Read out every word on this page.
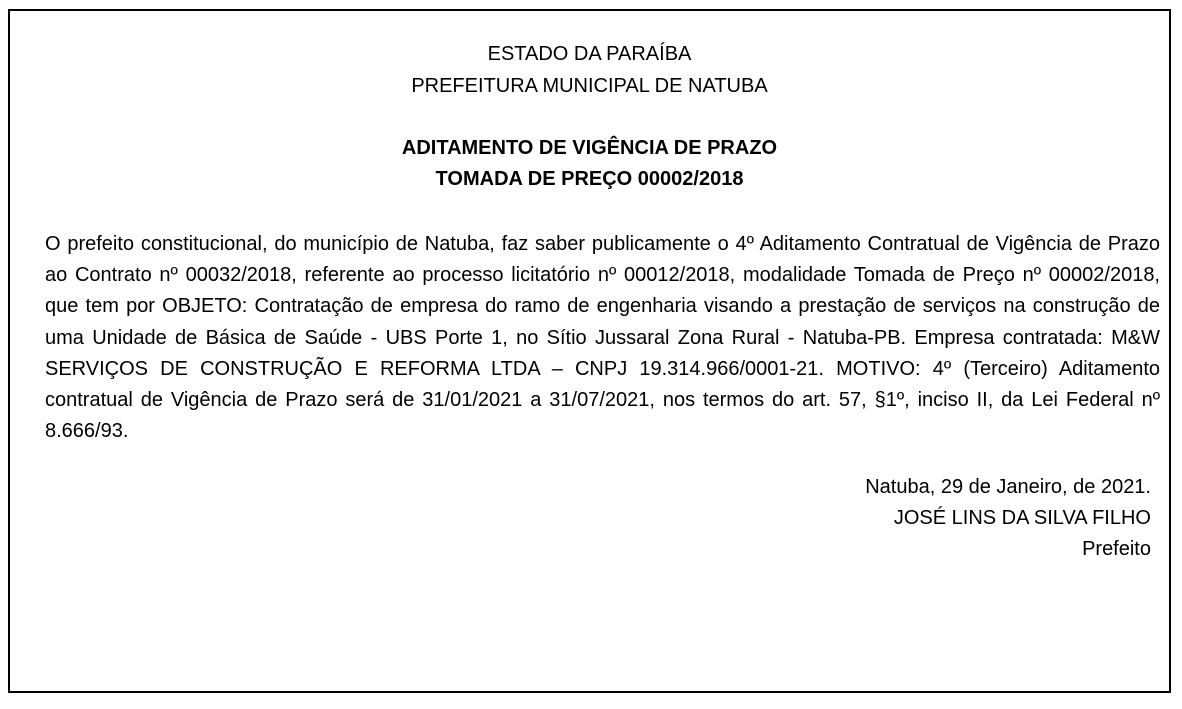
ESTADO DA PARAÍBA
PREFEITURA MUNICIPAL DE NATUBA
ADITAMENTO DE VIGÊNCIA DE PRAZO
TOMADA DE PREÇO 00002/2018

O prefeito constitucional, do município de Natuba, faz saber publicamente o 4º Aditamento Contratual de Vigência de Prazo ao Contrato nº 00032/2018, referente ao processo licitatório nº 00012/2018, modalidade Tomada de Preço nº 00002/2018, que tem por OBJETO: Contratação de empresa do ramo de engenharia visando a prestação de serviços na construção de uma Unidade de Básica de Saúde - UBS Porte 1, no Sítio Jussaral Zona Rural - Natuba-PB. Empresa contratada: M&W SERVIÇOS DE CONSTRUÇÃO E REFORMA LTDA – CNPJ 19.314.966/0001-21. MOTIVO: 4º (Terceiro) Aditamento contratual de Vigência de Prazo será de 31/01/2021 a 31/07/2021, nos termos do art. 57, §1º, inciso II, da Lei Federal nº 8.666/93.

Natuba, 29 de Janeiro, de 2021.
JOSÉ LINS DA SILVA FILHO
Prefeito
